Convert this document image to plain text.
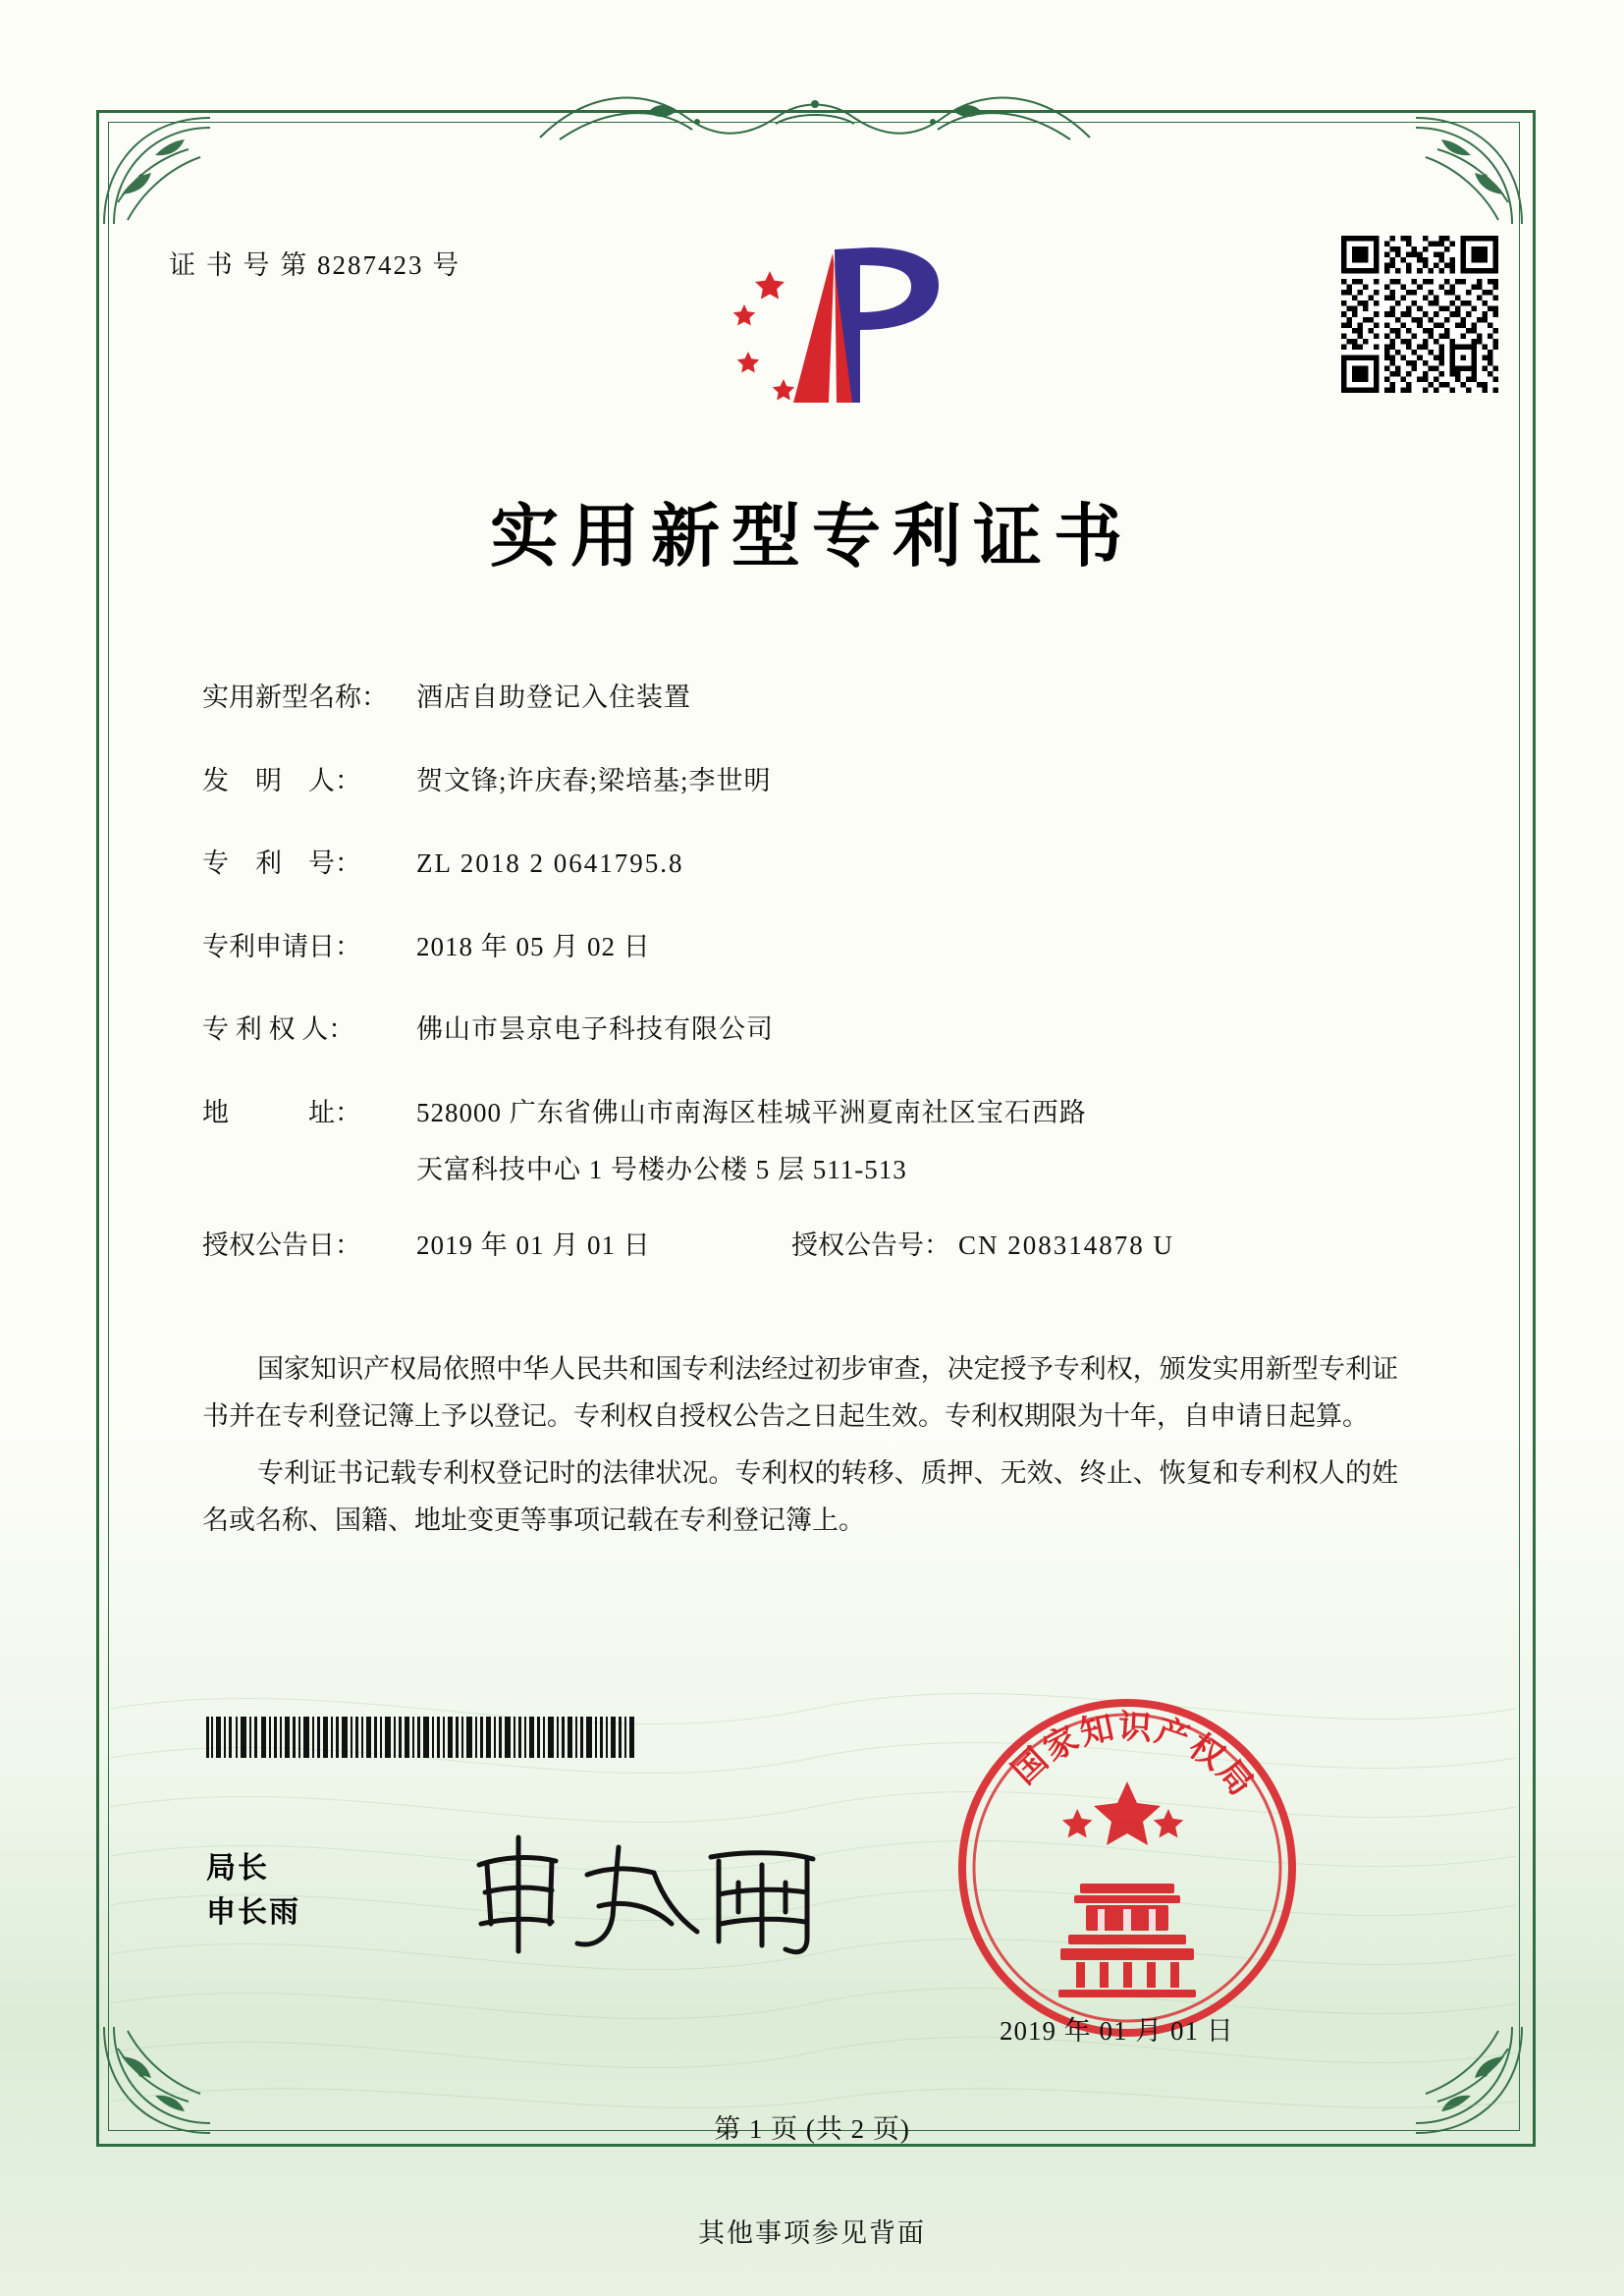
证 书 号 第 8287423 号
实用新型专利证书
实用新型名称：	酒店自助登记入住装置
发　明　人：	贺文锋;许庆春;梁培基;李世明
专　利　号：	ZL 2018 2 0641795.8
专利申请日：	2018 年 05 月 02 日
专 利 权 人：	佛山市昙京电子科技有限公司
地　　　址：	528000 广东省佛山市南海区桂城平洲夏南社区宝石西路
天富科技中心 1 号楼办公楼 5 层 511-513
授权公告日：	2019 年 01 月 01 日	授权公告号： CN 208314878 U

国家知识产权局依照中华人民共和国专利法经过初步审查，决定授予专利权，颁发实用新型专利证书并在专利登记簿上予以登记。专利权自授权公告之日起生效。专利权期限为十年，自申请日起算。

专利证书记载专利权登记时的法律状况。专利权的转移、质押、无效、终止、恢复和专利权人的姓名或名称、国籍、地址变更等事项记载在专利登记簿上。

局长
申长雨
国家知识产权局
2019 年 01 月 01 日
第 1 页 (共 2 页)
其他事项参见背面
